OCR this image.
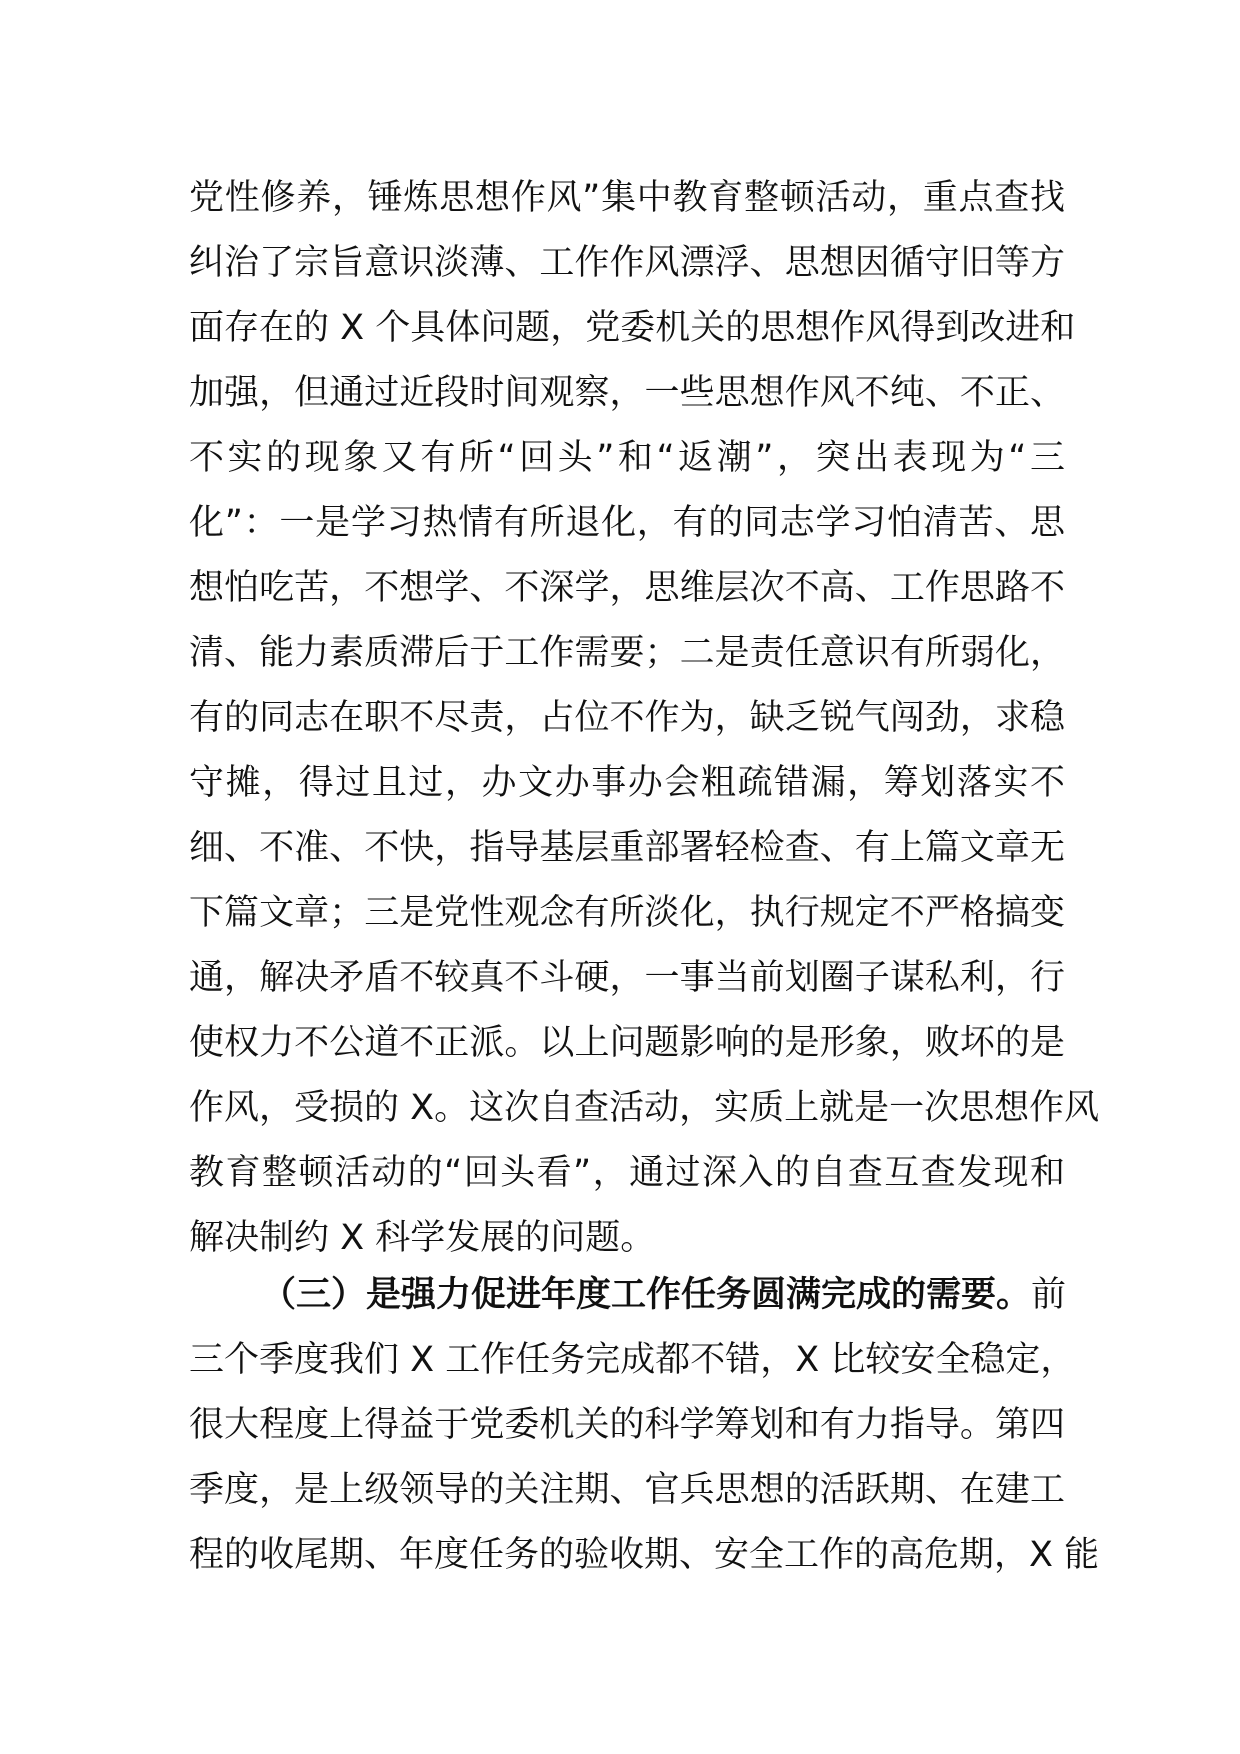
党性修养，锤炼思想作风”集中教育整顿活动，重点查找
纠治了宗旨意识淡薄、工作作风漂浮、思想因循守旧等方
面存在的 X 个具体问题，党委机关的思想作风得到改进和
加强，但通过近段时间观察，一些思想作风不纯、不正、
不实的现象又有所“回头”和“返潮”，突出表现为“三
化”：一是学习热情有所退化，有的同志学习怕清苦、思
想怕吃苦，不想学、不深学，思维层次不高、工作思路不
清、能力素质滞后于工作需要；二是责任意识有所弱化，
有的同志在职不尽责，占位不作为，缺乏锐气闯劲，求稳
守摊，得过且过，办文办事办会粗疏错漏，筹划落实不
细、不准、不快，指导基层重部署轻检查、有上篇文章无
下篇文章；三是党性观念有所淡化，执行规定不严格搞变
通，解决矛盾不较真不斗硬，一事当前划圈子谋私利，行
使权力不公道不正派。以上问题影响的是形象，败坏的是
作风，受损的 X。这次自查活动，实质上就是一次思想作风
教育整顿活动的“回头看”，通过深入的自查互查发现和
解决制约 X 科学发展的问题。
（三）是强力促进年度工作任务圆满完成的需要。前
三个季度我们 X 工作任务完成都不错，X 比较安全稳定，
很大程度上得益于党委机关的科学筹划和有力指导。第四
季度，是上级领导的关注期、官兵思想的活跃期、在建工
程的收尾期、年度任务的验收期、安全工作的高危期，X 能
